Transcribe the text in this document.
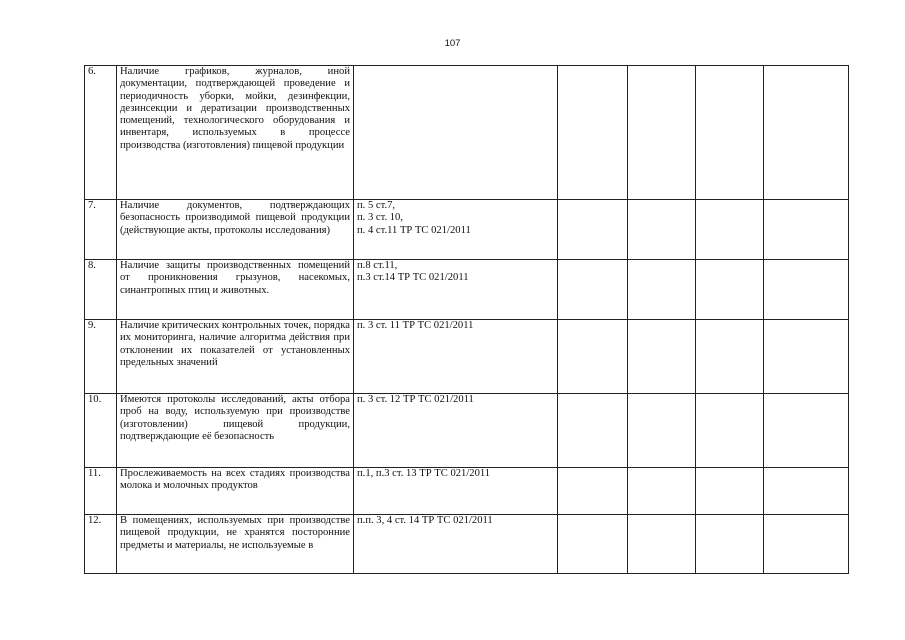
107
6.	Наличие графиков, журналов, иной документации, подтверждающей проведение и периодичность уборки, мойки, дезинфекции, дезинсекции и дератизации производственных помещений, технологического оборудования и инвентаря, используемых в процессе производства (изготовления) пищевой продукции					
7.	Наличие документов, подтверждающих безопасность производимой пищевой продукции (действующие акты, протоколы исследования)	п. 5 ст.7,
п. 3 ст. 10,
п. 4 ст.11 ТР ТС 021/2011				

8.	Наличие защиты производственных помещений от проникновения грызунов, насекомых, синантропных птиц и животных.	п.8 ст.11,
п.3 ст.14 ТР ТС 021/2011				

9.	Наличие критических контрольных точек, порядка их мониторинга, наличие алгоритма действия при отклонении их показателей от установленных предельных значений	п. 3 ст. 11 ТР ТС 021/2011				
10.	Имеются протоколы исследований, акты отбора проб на воду, используемую при производстве (изготовлении) пищевой продукции, подтверждающие её безопасность	п. 3 ст. 12 ТР ТС 021/2011				
11.	Прослеживаемость на всех стадиях производства молока и молочных продуктов	п.1, п.3 ст. 13 ТР ТС 021/2011				
12.	В помещениях, используемых при производстве пищевой продукции, не хранятся посторонние предметы и материалы, не используемые в	п.п. 3, 4 ст. 14 ТР ТС 021/2011				
